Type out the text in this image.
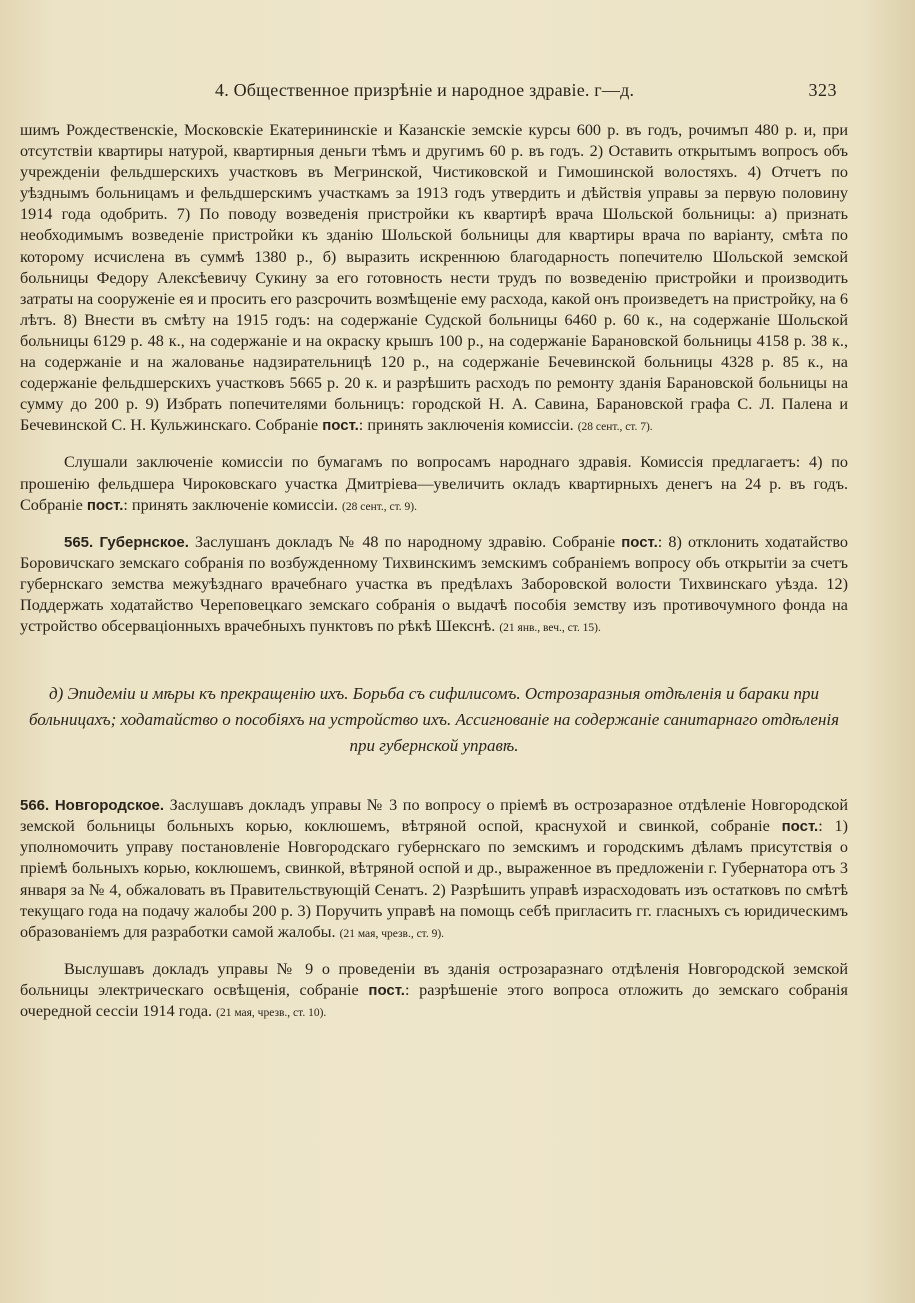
4. Общественное призрѣніе и народное здравіе. г—д.	323

шимъ Рождественскіе, Московскіе Екатерининскіе и Казанскіе земскіе курсы 600 р. въ годъ, рочимъп 480 р. и, при отсутствіи квартиры натурой, квартирныя деньги тѣмъ и другимъ 60 р. въ годъ. 2) Оставить открытымъ вопросъ объ учрежденіи фельдшерскихъ участковъ въ Мегринской, Чистиковской и Гимошинской волостяхъ. 4) Отчетъ по уѣзднымъ больницамъ и фельдшерскимъ участкамъ за 1913 годъ утвердить и дѣйствія управы за первую половину 1914 года одобрить. 7) По поводу возведенія пристройки къ квартирѣ врача Шольской больницы: а) признать необходимымъ возведеніе пристройки къ зданію Шольской больницы для квартиры врача по варіанту, смѣта по которому исчислена въ суммѣ 1380 р., б) выразить искреннюю благодарность попечителю Шольской земской больницы Федору Алексѣевичу Сукину за его готовность нести трудъ по возведенію пристройки и производить затраты на сооруженіе ея и просить его разсрочить возмѣщеніе ему расхода, какой онъ произведетъ на пристройку, на 6 лѣтъ. 8) Внести въ смѣту на 1915 годъ: на содержаніе Судской больницы 6460 р. 60 к., на содержаніе Шольской больницы 6129 р. 48 к., на содержаніе и на окраску крышъ 100 р., на содержаніе Барановской больницы 4158 р. 38 к., на содержаніе и на жалованье надзирательницѣ 120 р., на содержаніе Бечевинской больницы 4328 р. 85 к., на содержаніе фельдшерскихъ участковъ 5665 р. 20 к. и разрѣшить расходъ по ремонту зданія Барановской больницы на сумму до 200 р. 9) Избрать попечителями больницъ: городской Н. А. Савина, Барановской графа С. Л. Палена и Бечевинской С. Н. Кульжинскаго. Собраніе пост.: принять заключенія комиссіи. (28 сент., ст. 7).

Слушали заключеніе комиссіи по бумагамъ по вопросамъ народнаго здравія. Комиссія предлагаетъ: 4) по прошенію фельдшера Чироковскаго участка Дмитріева—увеличить окладъ квартирныхъ денегъ на 24 р. въ годъ. Собраніе пост.: принять заключеніе комиссіи. (28 сент., ст. 9).

565. Губернское. Заслушанъ докладъ № 48 по народному здравію. Собраніе пост.: 8) отклонить ходатайство Боровичскаго земскаго собранія по возбужденному Тихвинскимъ земскимъ собраніемъ вопросу объ открытіи за счетъ губернскаго земства межуѣзднаго врачебнаго участка въ предѣлахъ Заборовской волости Тихвинскаго уѣзда. 12) Поддержать ходатайство Череповецкаго земскаго собранія о выдачѣ пособія земству изъ противочумного фонда на устройство обсерваціонныхъ врачебныхъ пунктовъ по рѣкѣ Шекснѣ. (21 янв., веч., ст. 15).

д) Эпидеміи и мѣры къ прекращенію ихъ. Борьба съ сифилисомъ. Острозаразныя отдѣленія и бараки при больницахъ; ходатайство о пособіяхъ на устройство ихъ. Ассигнованіе на содержаніе санитарнаго отдѣленія при губернской управѣ.

566. Новгородское. Заслушавъ докладъ управы № 3 по вопросу о пріемѣ въ острозаразное отдѣленіе Новгородской земской больницы больныхъ корью, коклюшемъ, вѣтряной оспой, краснухой и свинкой, собраніе пост.: 1) уполномочить управу постановленіе Новгородскаго губернскаго по земскимъ и городскимъ дѣламъ присутствія о пріемѣ больныхъ корью, коклюшемъ, свинкой, вѣтряной оспой и др., выраженное въ предложеніи г. Губернатора отъ 3 января за № 4, обжаловать въ Правительствующій Сенатъ. 2) Разрѣшить управѣ израсходовать изъ остатковъ по смѣтѣ текущаго года на подачу жалобы 200 р. 3) Поручить управѣ на помощь себѣ пригласить гг. гласныхъ съ юридическимъ образованіемъ для разработки самой жалобы. (21 мая, чрезв., ст. 9).

Выслушавъ докладъ управы № 9 о проведеніи въ зданія острозаразнаго отдѣленія Новгородской земской больницы электрическаго освѣщенія, собраніе пост.: разрѣшеніе этого вопроса отложить до земскаго собранія очередной сессіи 1914 года. (21 мая, чрезв., ст. 10).
